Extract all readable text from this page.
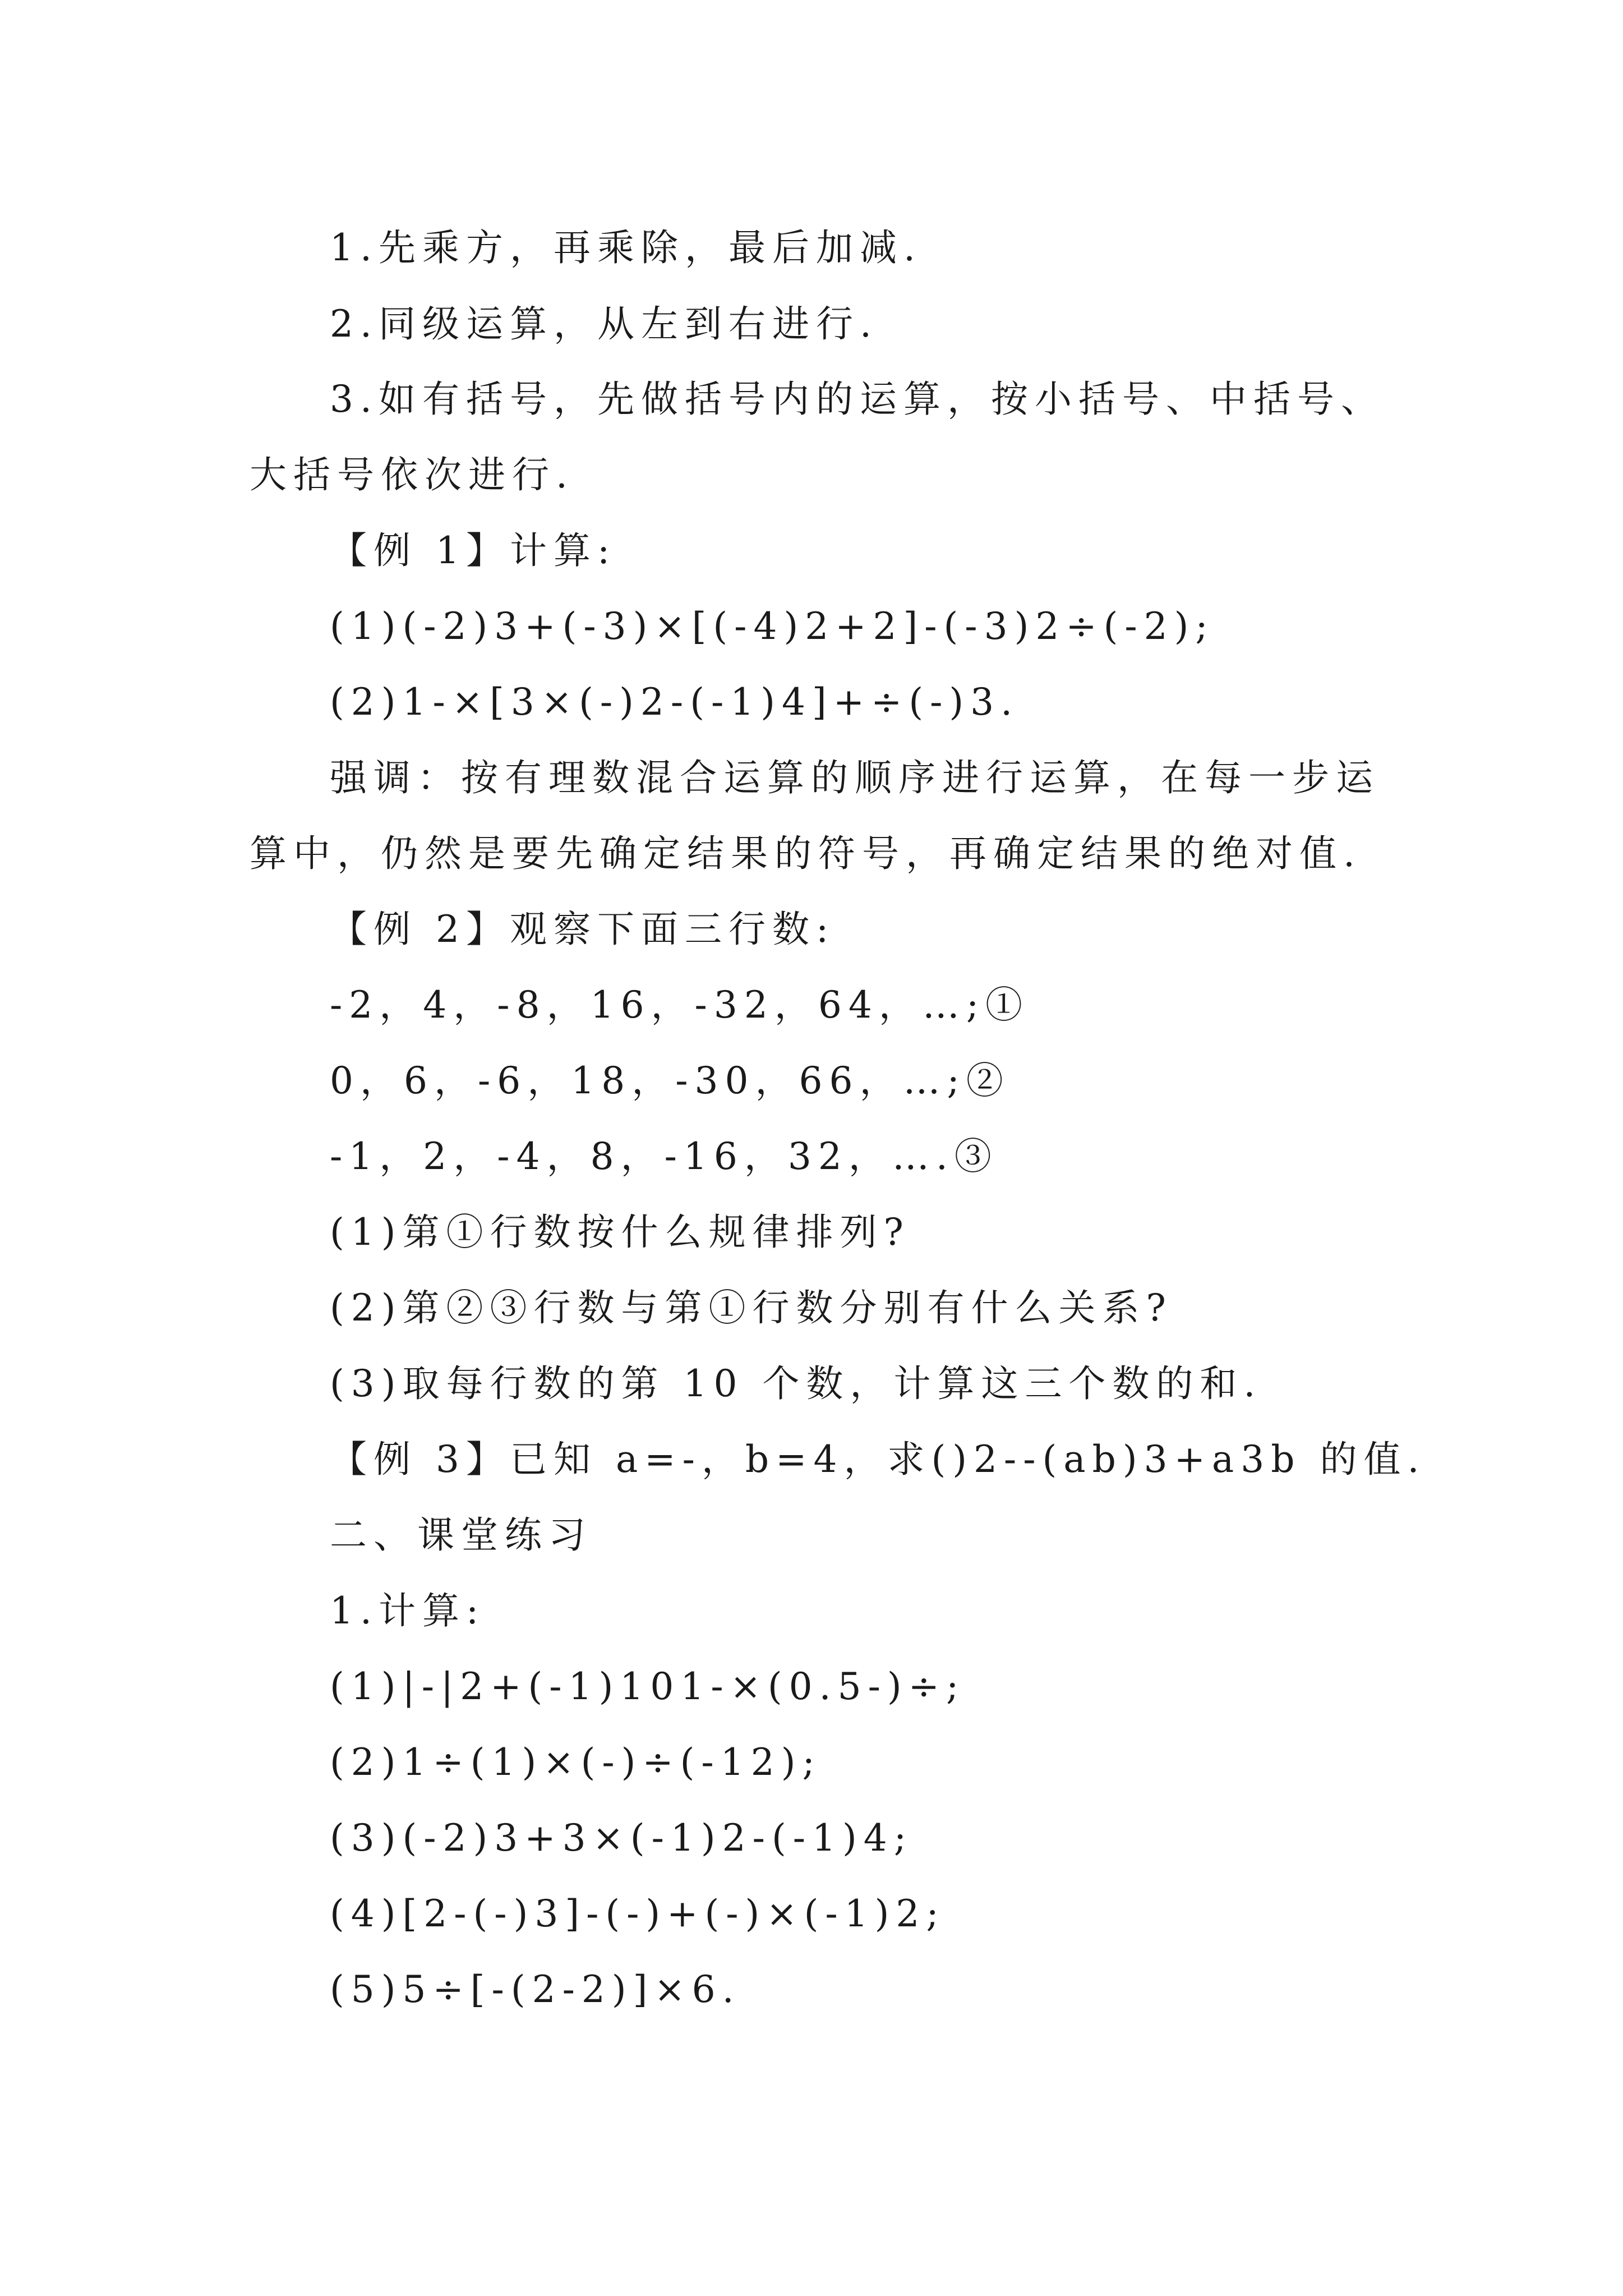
1.先乘方，再乘除，最后加减.
2.同级运算，从左到右进行.
3.如有括号，先做括号内的运算，按小括号、中括号、
大括号依次进行.
【例 1】计算:
(1)(-2)3+(-3)×[(-4)2+2]-(-3)2÷(-2);
(2)1-×[3×(-)2-(-1)4]+÷(-)3.
强调：按有理数混合运算的顺序进行运算，在每一步运
算中，仍然是要先确定结果的符号，再确定结果的绝对值.
【例 2】观察下面三行数:
-2，4，-8，16，-32，64，…;①
0，6，-6，18，-30，66，…;②
-1，2，-4，8，-16，32，….③
(1)第①行数按什么规律排列?
(2)第②③行数与第①行数分别有什么关系?
(3)取每行数的第 10 个数，计算这三个数的和.
【例 3】已知 a=-，b=4，求()2--(ab)3+a3b 的值.
二、课堂练习
1.计算:
(1)|-|2+(-1)101-×(0.5-)÷;
(2)1÷(1)×(-)÷(-12);
(3)(-2)3+3×(-1)2-(-1)4;
(4)[2-(-)3]-(-)+(-)×(-1)2;
(5)5÷[-(2-2)]×6.
